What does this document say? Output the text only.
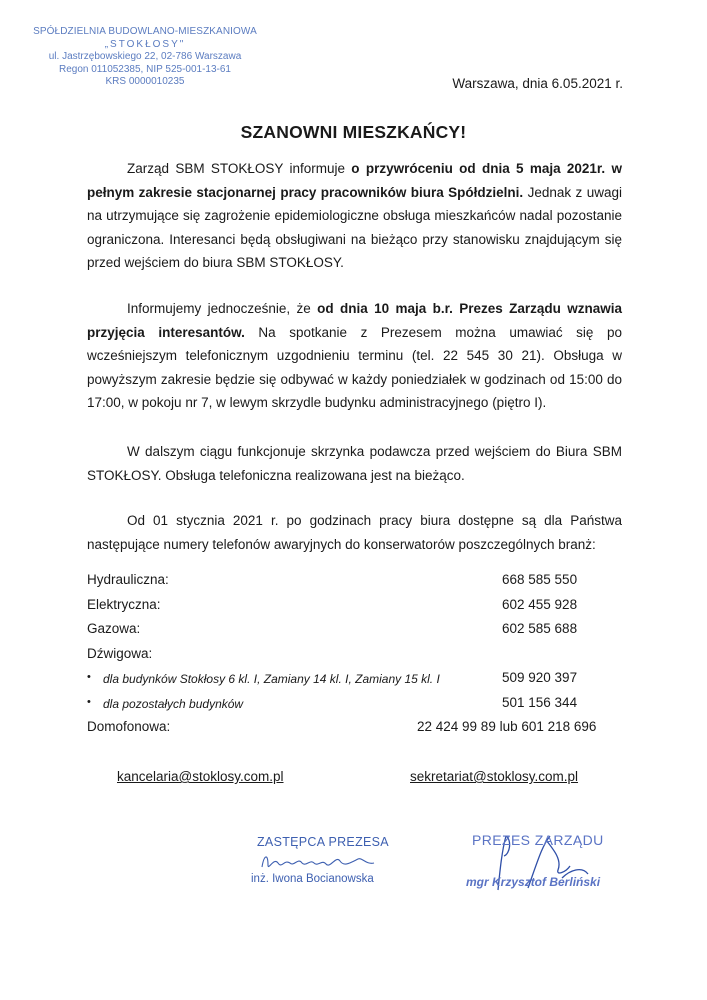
SPÓŁDZIELNIA BUDOWLANO-MIESZKANIOWA
„STOKŁOSY"
ul. Jastrzębowskiego 22, 02-786 Warszawa
Regon 011052385, NIP 525-001-13-61
KRS 0000010235	Warszawa, dnia 6.05.2021 r.
SZANOWNI MIESZKAŃCY!

Zarząd SBM STOKŁOSY informuje o przywróceniu od dnia 5 maja 2021r. w pełnym zakresie stacjonarnej pracy pracowników biura Spółdzielni. Jednak z uwagi na utrzymujące się zagrożenie epidemiologiczne obsługa mieszkańców nadal pozostanie ograniczona. Interesanci będą obsługiwani na bieżąco przy stanowisku znajdującym się przed wejściem do biura SBM STOKŁOSY.

Informujemy jednocześnie, że od dnia 10 maja b.r. Prezes Zarządu wznawia przyjęcia interesantów. Na spotkanie z Prezesem można umawiać się po wcześniejszym telefonicznym uzgodnieniu terminu (tel. 22 545 30 21). Obsługa w powyższym zakresie będzie się odbywać w każdy poniedziałek w godzinach od 15:00 do 17:00, w pokoju nr 7, w lewym skrzydle budynku administracyjnego (piętro I).

W dalszym ciągu funkcjonuje skrzynka podawcza przed wejściem do Biura SBM STOKŁOSY. Obsługa telefoniczna realizowana jest na bieżąco.

Od 01 stycznia 2021 r. po godzinach pracy biura dostępne są dla Państwa następujące numery telefonów awaryjnych do konserwatorów poszczególnych branż:

Hydrauliczna:	668 585 550
Elektryczna:	602 455 928
Gazowa:	602 585 688
Dźwigowa:
• dla budynków Stokłosy 6 kl. I, Zamiany 14 kl. I, Zamiany 15 kl. I	509 920 397
• dla pozostałych budynków	501 156 344
Domofonowa:	22 424 99 89 lub 601 218 696
kancelaria@stoklosy.com.pl	sekretariat@stoklosy.com.pl
ZASTĘPCA PREZESA
inż. Iwona Bocianowska
PREZES ZARZĄDU
mgr Krzysztof Berliński
